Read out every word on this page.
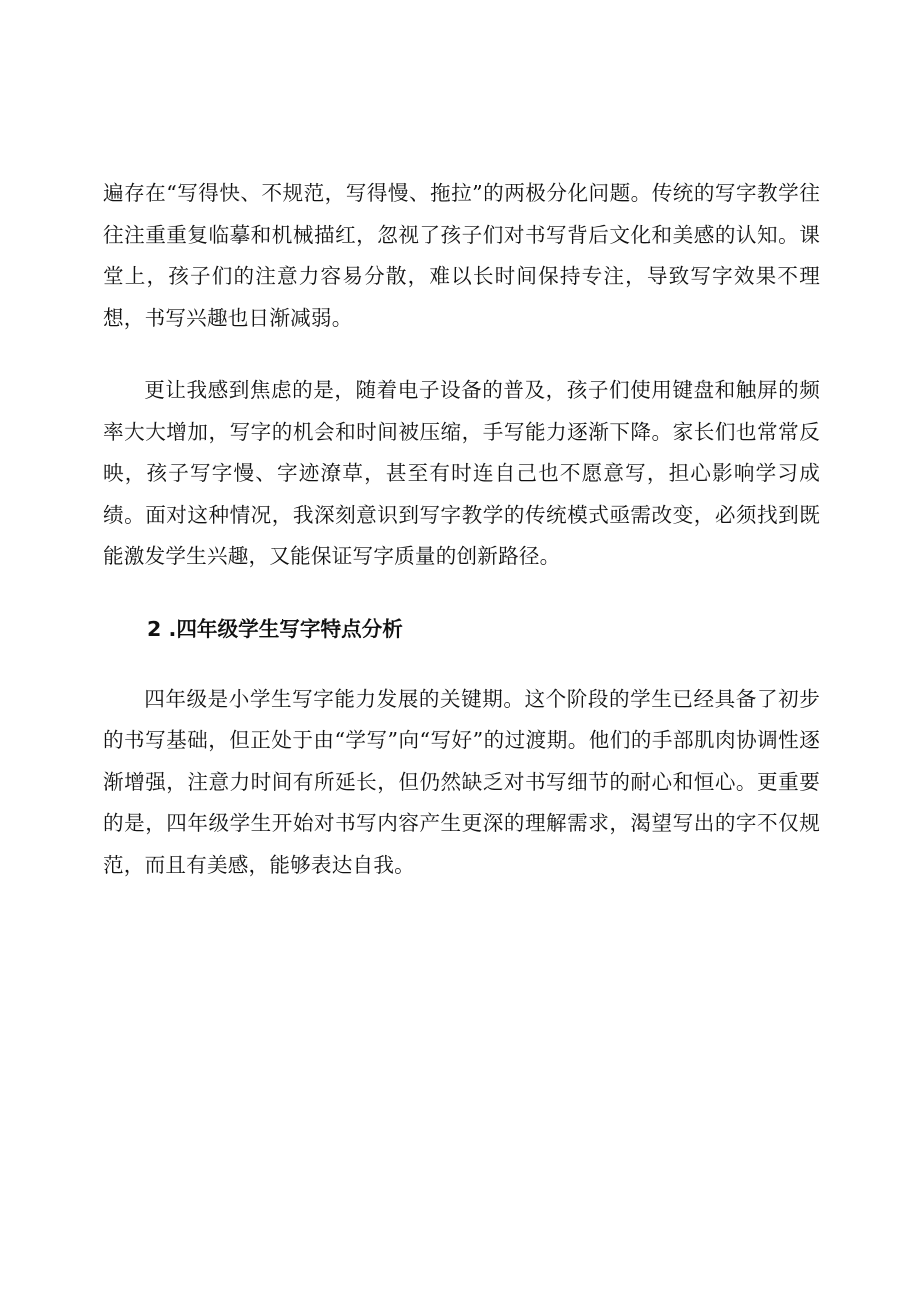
遍存在“写得快、不规范，写得慢、拖拉”的两极分化问题。传统的写字教学往往注重重复临摹和机械描红，忽视了孩子们对书写背后文化和美感的认知。课堂上，孩子们的注意力容易分散，难以长时间保持专注，导致写字效果不理想，书写兴趣也日渐减弱。

更让我感到焦虑的是，随着电子设备的普及，孩子们使用键盘和触屏的频率大大增加，写字的机会和时间被压缩，手写能力逐渐下降。家长们也常常反映，孩子写字慢、字迹潦草，甚至有时连自己也不愿意写，担心影响学习成绩。面对这种情况，我深刻意识到写字教学的传统模式亟需改变，必须找到既能激发学生兴趣，又能保证写字质量的创新路径。

2 .四年级学生写字特点分析

四年级是小学生写字能力发展的关键期。这个阶段的学生已经具备了初步的书写基础，但正处于由“学写”向“写好”的过渡期。他们的手部肌肉协调性逐渐增强，注意力时间有所延长，但仍然缺乏对书写细节的耐心和恒心。更重要的是，四年级学生开始对书写内容产生更深的理解需求，渴望写出的字不仅规范，而且有美感，能够表达自我。
